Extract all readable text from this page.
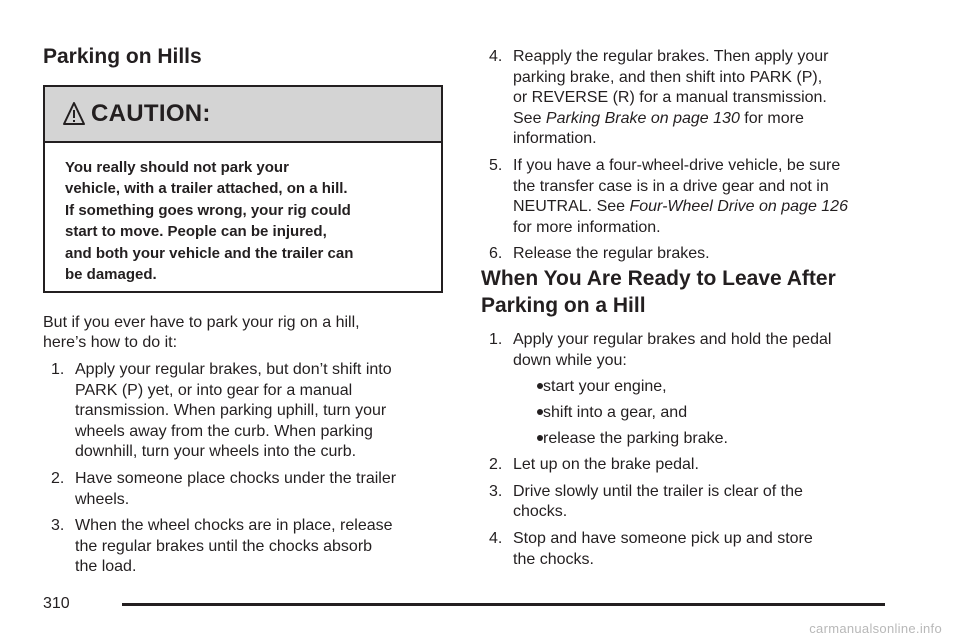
Parking on Hills
CAUTION:
You really should not park your
vehicle, with a trailer attached, on a hill.
If something goes wrong, your rig could
start to move. People can be injured,
and both your vehicle and the trailer can
be damaged.

But if you ever have to park your rig on a hill,
here’s how to do it:

1. Apply your regular brakes, but don’t shift into
PARK (P) yet, or into gear for a manual
transmission. When parking uphill, turn your
wheels away from the curb. When parking
downhill, turn your wheels into the curb.
2. Have someone place chocks under the trailer
wheels.
3. When the wheel chocks are in place, release
the regular brakes until the chocks absorb
the load.
4. Reapply the regular brakes. Then apply your
parking brake, and then shift into PARK (P),
or REVERSE (R) for a manual transmission.
See Parking Brake on page 130 for more
information.
5. If you have a four-wheel-drive vehicle, be sure
the transfer case is in a drive gear and not in
NEUTRAL. See Four-Wheel Drive on page 126
for more information.
6. Release the regular brakes.
When You Are Ready to Leave After
Parking on a Hill
1. Apply your regular brakes and hold the pedal
down while you:
start your engine,
shift into a gear, and
release the parking brake.
2. Let up on the brake pedal.
3. Drive slowly until the trailer is clear of the
chocks.
4. Stop and have someone pick up and store
the chocks.
310
carmanualsonline.info
